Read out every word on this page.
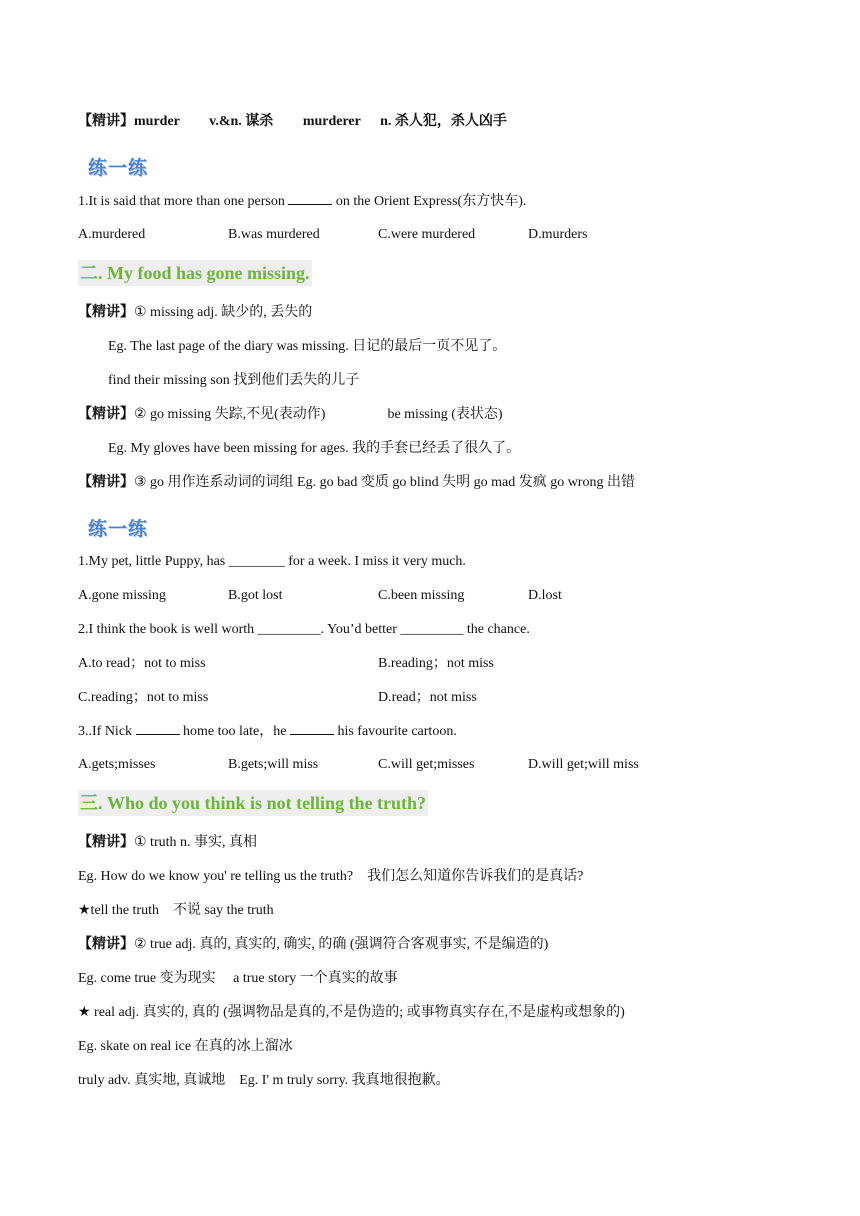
【精讲】murder v.&n. 谋杀 murderer n. 杀人犯，杀人凶手
练一练
1.It is said that more than one person	on the Orient Express(东方快车).
A.murdered	B.was murdered	C.were murdered	D.murders
二. My food has gone missing.
【精讲】① missing adj. 缺少的, 丢失的
Eg. The last page of the diary was missing. 日记的最后一页不见了。
find their missing son 找到他们丢失的儿子
【精讲】② go missing 失踪,不见(表动作)	be missing (表状态)
Eg. My gloves have been missing for ages. 我的手套已经丢了很久了。
【精讲】③ go 用作连系动词的词组 Eg. go bad 变质 go blind 失明 go mad 发疯 go wrong 出错
练一练
1.My pet, little Puppy, has ________ for a week. I miss it very much.
A.gone missing	B.got lost	C.been missing	D.lost
2.I think the book is well worth _________. You’d better _________ the chance.
A.to read；not to miss	B.reading；not miss
C.reading；not to miss	D.read；not miss
3..If Nick	home too late，he	his favourite cartoon.
A.gets;misses	B.gets;will miss	C.will get;misses	D.will get;will miss
三. Who do you think is not telling the truth?
【精讲】① truth n. 事实, 真相
Eg. How do we know you' re telling us the truth?　我们怎么知道你告诉我们的是真话?
★tell the truth　不说 say the truth
【精讲】② true adj. 真的, 真实的, 确实, 的确 (强调符合客观事实, 不是编造的)
Eg. come true 变为现实　 a true story 一个真实的故事
★ real adj. 真实的, 真的 (强调物品是真的,不是伪造的; 或事物真实存在,不是虚构或想象的)
Eg. skate on real ice 在真的冰上溜冰
truly adv. 真实地, 真诚地　Eg. I' m truly sorry. 我真地很抱歉。
